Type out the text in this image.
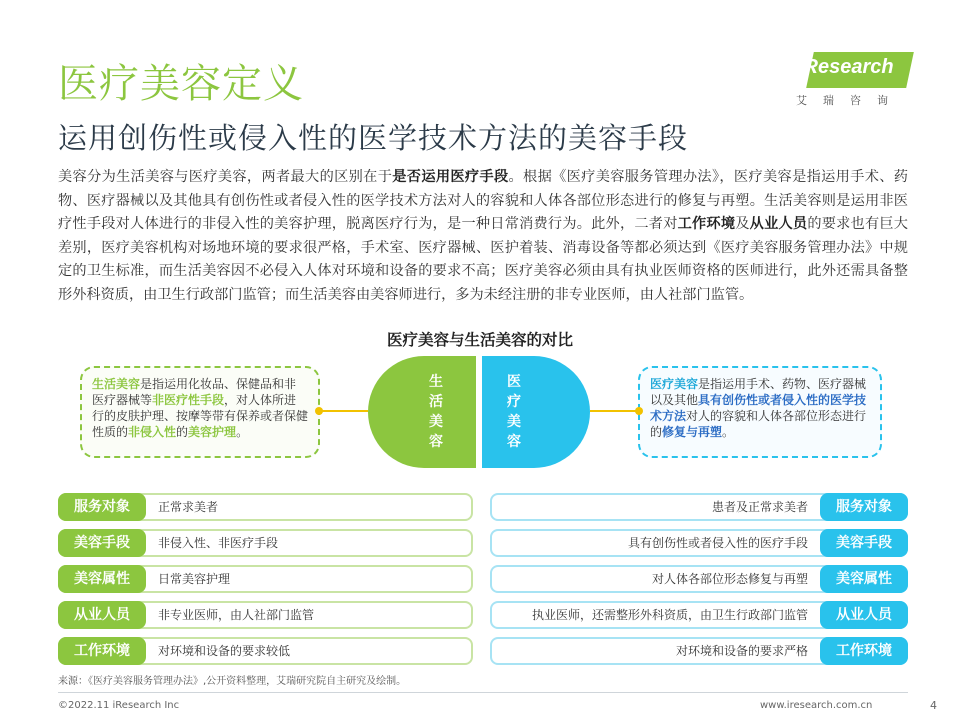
医疗美容定义
运用创伤性或侵入性的医学技术方法的美容手段
iResearch
艾瑞咨询
美容分为生活美容与医疗美容，两者最大的区别在于是否运用医疗手段。根据《医疗美容服务管理办法》，医疗美容是指运用手术、药物、医疗器械以及其他具有创伤性或者侵入性的医学技术方法对人的容貌和人体各部位形态进行的修复与再塑。生活美容则是运用非医疗性手段对人体进行的非侵入性的美容护理，脱离医疗行为，是一种日常消费行为。此外，二者对工作环境及从业人员的要求也有巨大差别，医疗美容机构对场地环境的要求很严格，手术室、医疗器械、医护着装、消毒设备等都必须达到《医疗美容服务管理办法》中规定的卫生标准，而生活美容因不必侵入人体对环境和设备的要求不高；医疗美容必须由具有执业医师资格的医师进行，此外还需具备整形外科资质，由卫生行政部门监管；而生活美容由美容师进行，多为未经注册的非专业医师，由人社部门监管。
医疗美容与生活美容的对比
生活美容是指运用化妆品、保健品和非医疗器械等非医疗性手段，对人体所进行的皮肤护理、按摩等带有保养或者保健性质的非侵入性的美容护理。
医疗美容是指运用手术、药物、医疗器械以及其他具有创伤性或者侵入性的医学技术方法对人的容貌和人体各部位形态进行的修复与再塑。
生
活
美
容
医
疗
美
容
服务对象	正常求美者	患者及正常求美者	服务对象
美容手段	非侵入性、非医疗手段	具有创伤性或者侵入性的医疗手段	美容手段
美容属性	日常美容护理	对人体各部位形态修复与再塑	美容属性
从业人员	非专业医师，由人社部门监管	执业医师，还需整形外科资质，由卫生行政部门监管	从业人员
工作环境	对环境和设备的要求较低	对环境和设备的要求严格	工作环境
来源：《医疗美容服务管理办法》,公开资料整理，艾瑞研究院自主研究及绘制。
©2022.11 iResearch Inc	www.iresearch.com.cn	4
